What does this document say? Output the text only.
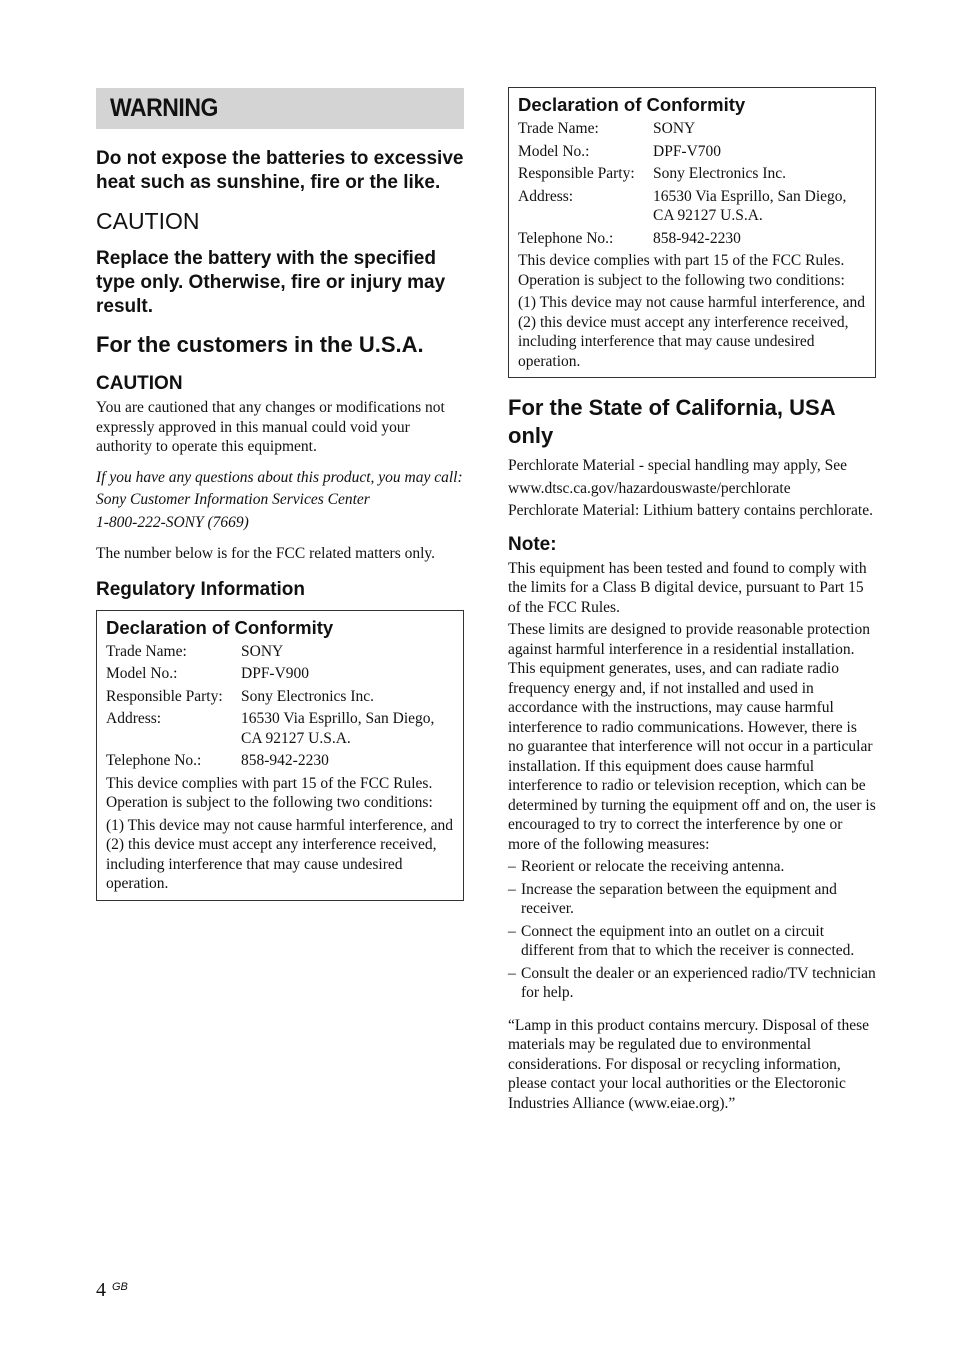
WARNING

Do not expose the batteries to excessive heat such as sunshine, fire or the like.

CAUTION

Replace the battery with the specified type only. Otherwise, fire or injury may result.

For the customers in the U.S.A.
CAUTION

You are cautioned that any changes or modifications not expressly approved in this manual could void your authority to operate this equipment.

If you have any questions about this product, you may call:

Sony Customer Information Services Center

1-800-222-SONY (7669)

The number below is for the FCC related matters only.

Regulatory Information

Declaration of Conformity

Trade Name:	SONY
Model No.:	DPF-V900
Responsible Party:	Sony Electronics Inc.
Address:	16530 Via Esprillo, San Diego, CA 92127 U.S.A.
Telephone No.:	858-942-2230

This device complies with part 15 of the FCC Rules. Operation is subject to the following two conditions:

(1) This device may not cause harmful interference, and (2) this device must accept any interference received, including interference that may cause undesired operation.

Declaration of Conformity

Trade Name:	SONY
Model No.:	DPF-V700
Responsible Party:	Sony Electronics Inc.
Address:	16530 Via Esprillo, San Diego, CA 92127 U.S.A.
Telephone No.:	858-942-2230

This device complies with part 15 of the FCC Rules. Operation is subject to the following two conditions:

(1) This device may not cause harmful interference, and (2) this device must accept any interference received, including interference that may cause undesired operation.

For the State of California, USA only

Perchlorate Material - special handling may apply, See

www.dtsc.ca.gov/hazardouswaste/perchlorate

Perchlorate Material: Lithium battery contains perchlorate.

Note:

This equipment has been tested and found to comply with the limits for a Class B digital device, pursuant to Part 15 of the FCC Rules.

These limits are designed to provide reasonable protection against harmful interference in a residential installation. This equipment generates, uses, and can radiate radio frequency energy and, if not installed and used in accordance with the instructions, may cause harmful interference to radio communications. However, there is no guarantee that interference will not occur in a particular installation. If this equipment does cause harmful interference to radio or television reception, which can be determined by turning the equipment off and on, the user is encouraged to try to correct the interference by one or more of the following measures:

– Reorient or relocate the receiving antenna.
– Increase the separation between the equipment and receiver.
– Connect the equipment into an outlet on a circuit different from that to which the receiver is connected.
– Consult the dealer or an experienced radio/TV technician for help.

“Lamp in this product contains mercury. Disposal of these materials may be regulated due to environmental considerations. For disposal or recycling information, please contact your local authorities or the Electoronic Industries Alliance (www.eiae.org).”

4 $^{GB}$
